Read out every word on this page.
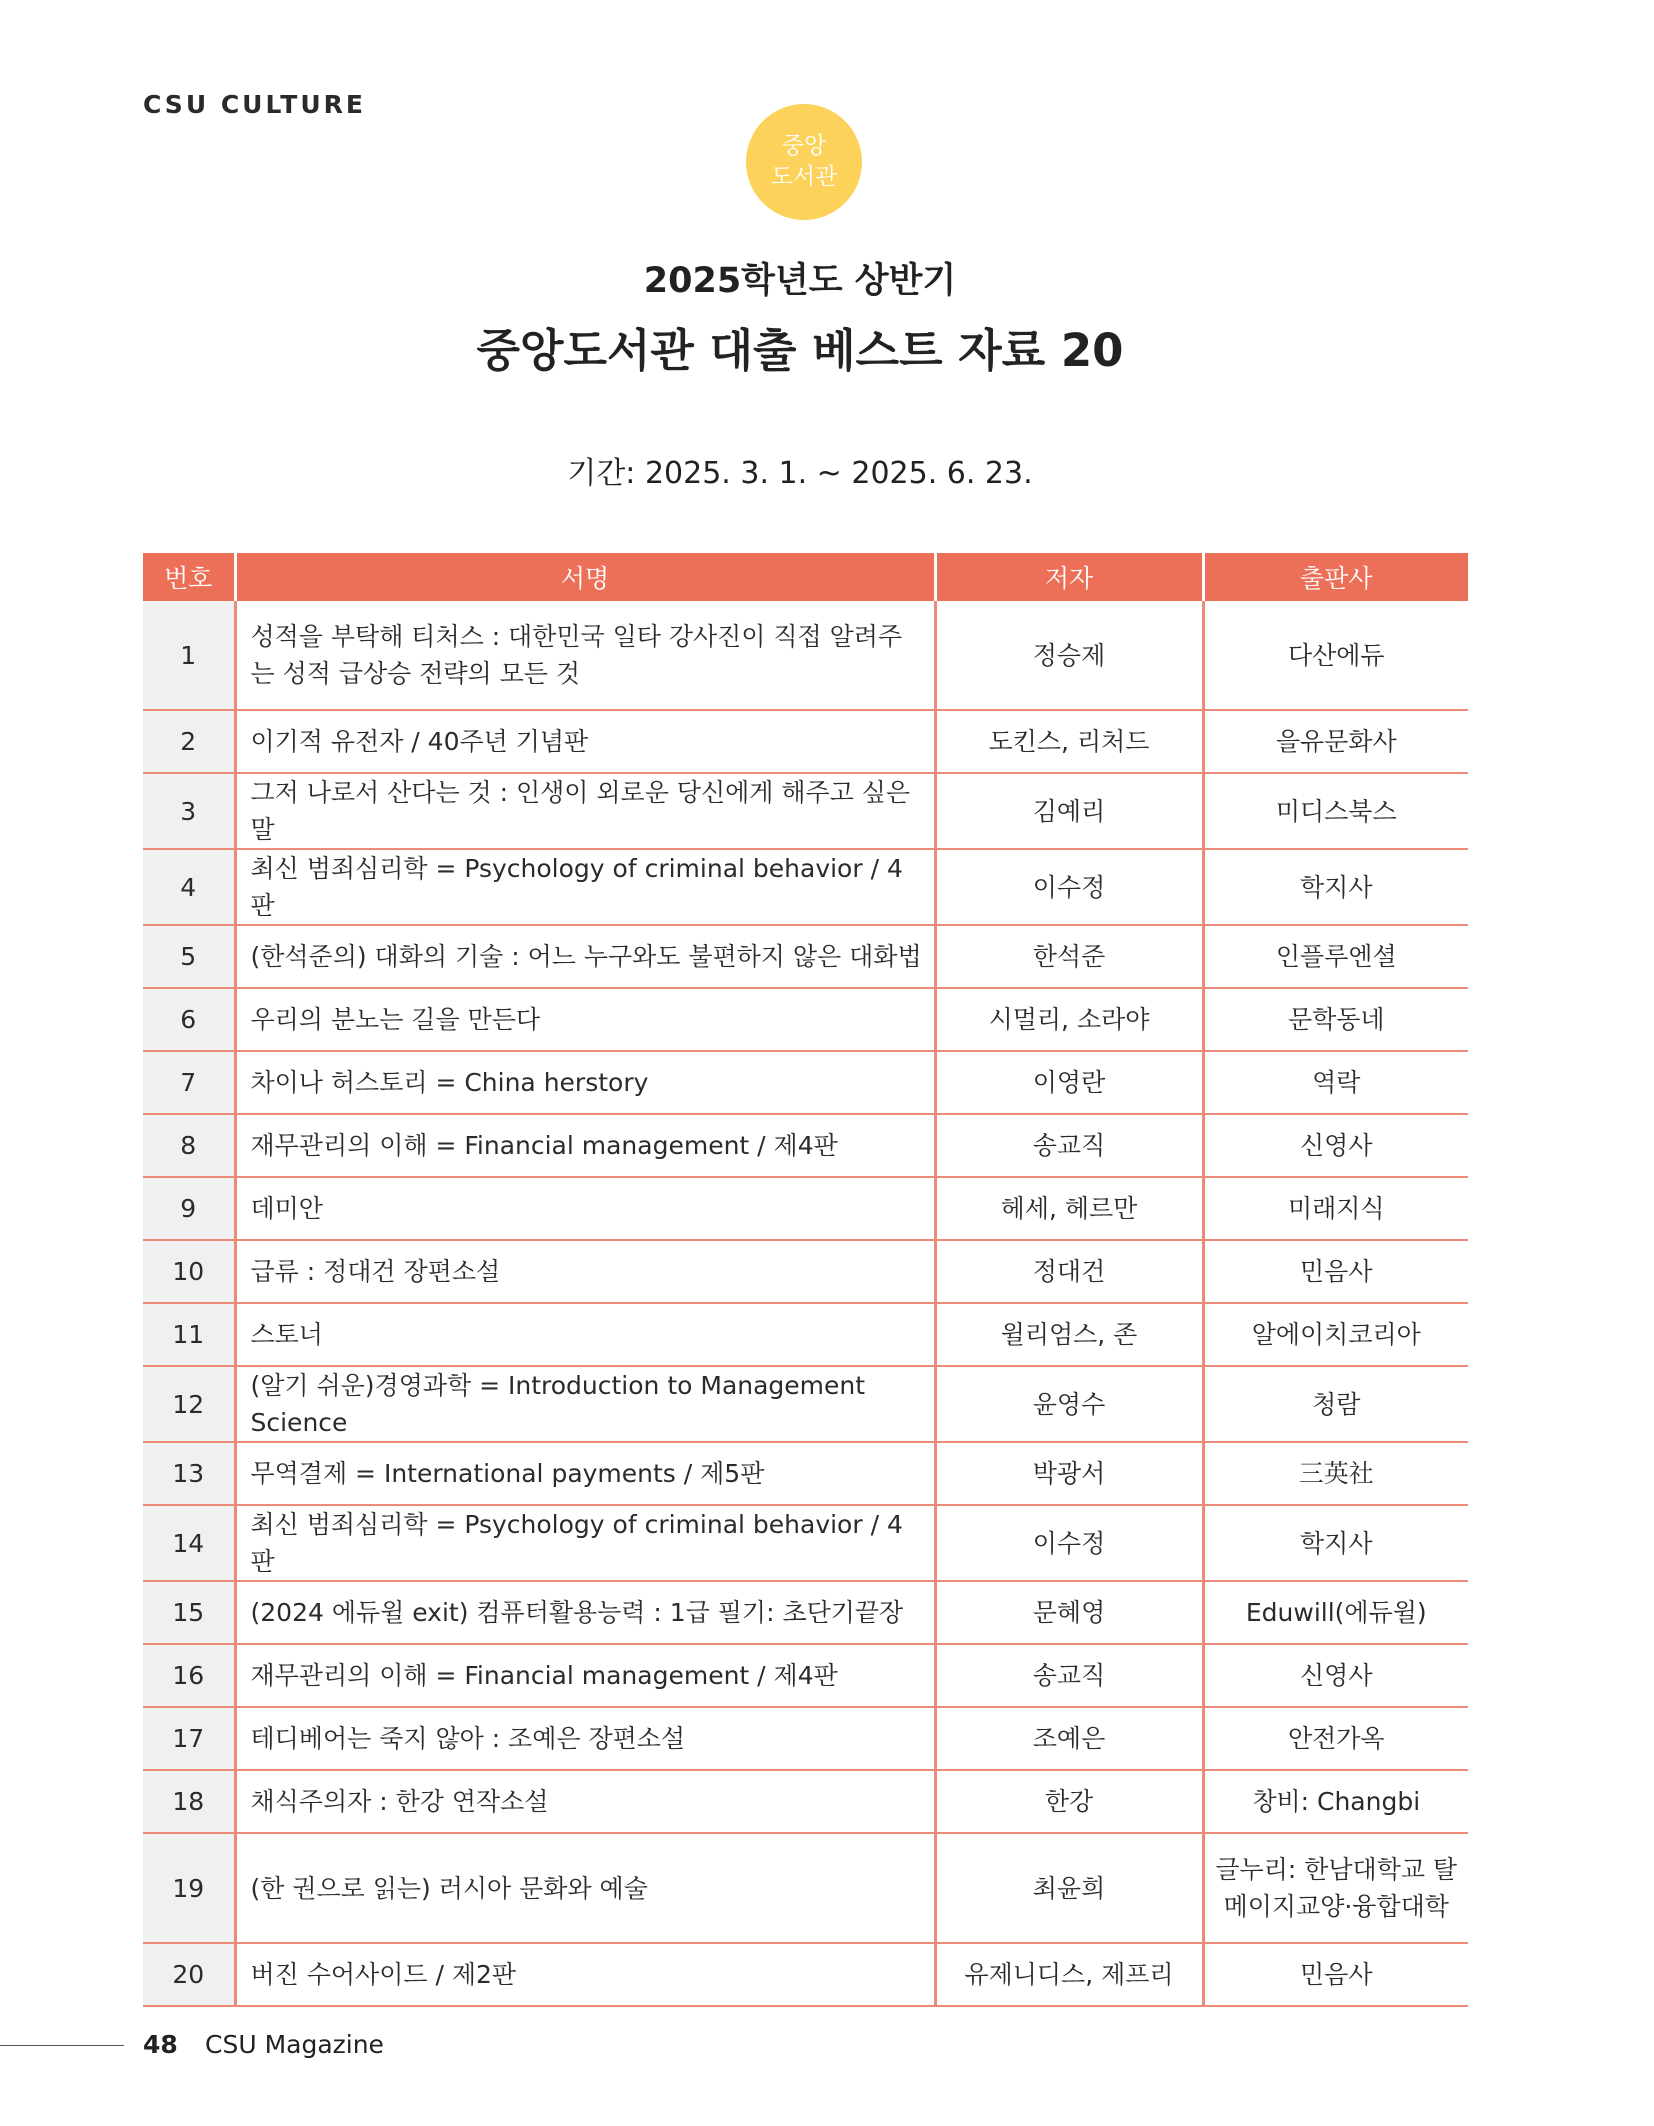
CSU CULTURE
중앙
도서관
2025학년도 상반기
중앙도서관 대출 베스트 자료 20
기간: 2025. 3. 1. ~ 2025. 6. 23.
번호	서명	저자	출판사
1	성적을 부탁해 티처스 : 대한민국 일타 강사진이 직접 알려주는 성적 급상승 전략의 모든 것	정승제	다산에듀
2	이기적 유전자 / 40주년 기념판	도킨스, 리처드	을유문화사
3	그저 나로서 산다는 것 : 인생이 외로운 당신에게 해주고 싶은 말	김예리	미디스북스
4	최신 범죄심리학 = Psychology of criminal behavior / 4판	이수정	학지사
5	(한석준의) 대화의 기술 : 어느 누구와도 불편하지 않은 대화법	한석준	인플루엔셜
6	우리의 분노는 길을 만든다	시멀리, 소라야	문학동네
7	차이나 허스토리 = China herstory	이영란	역락
8	재무관리의 이해 = Financial management / 제4판	송교직	신영사
9	데미안	헤세, 헤르만	미래지식
10	급류 : 정대건 장편소설	정대건	민음사
11	스토너	윌리엄스, 존	알에이치코리아
12	(알기 쉬운)경영과학 = Introduction to Management Science	윤영수	청람
13	무역결제 = International payments / 제5판	박광서	三英社
14	최신 범죄심리학 = Psychology of criminal behavior / 4판	이수정	학지사
15	(2024 에듀윌 exit) 컴퓨터활용능력 : 1급 필기: 초단기끝장	문혜영	Eduwill(에듀윌)
16	재무관리의 이해 = Financial management / 제4판	송교직	신영사
17	테디베어는 죽지 않아 : 조예은 장편소설	조예은	안전가옥
18	채식주의자 : 한강 연작소설	한강	창비: Changbi
19	(한 권으로 읽는) 러시아 문화와 예술	최윤희	글누리: 한남대학교 탈메이지교양·융합대학
20	버진 수어사이드 / 제2판	유제니디스, 제프리	민음사
48 CSU Magazine
